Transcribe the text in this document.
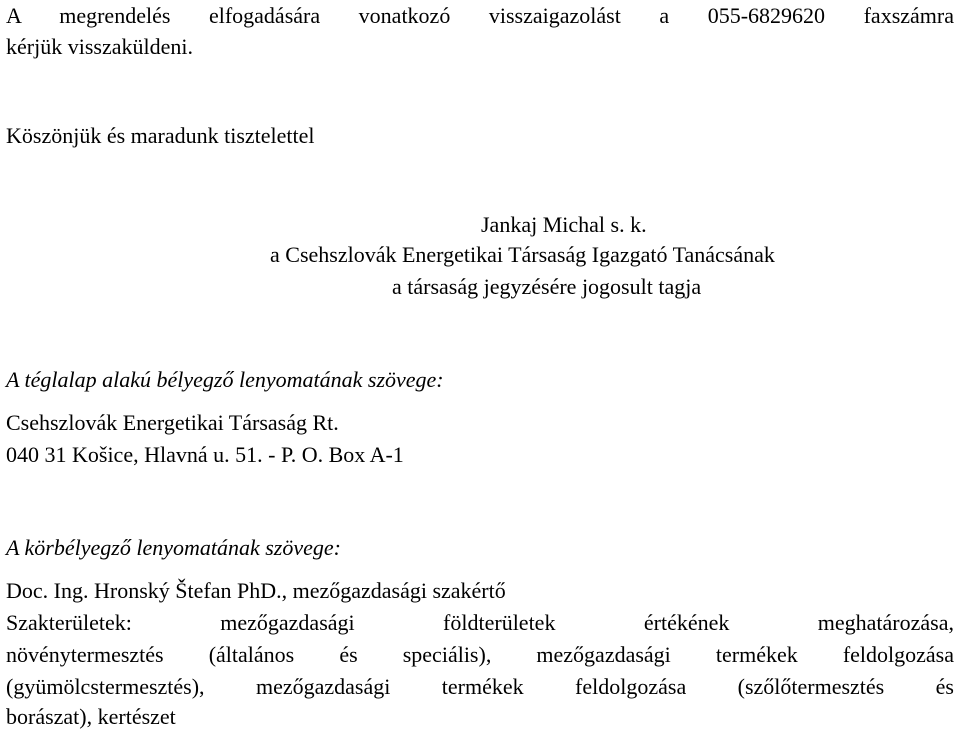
A megrendelés elfogadására vonatkozó visszaigazolást a 055-6829620 faxszámra
kérjük visszaküldeni.
Köszönjük és maradunk tisztelettel
Jankaj Michal s. k.
a Csehszlovák Energetikai Társaság Igazgató Tanácsának
a társaság jegyzésére jogosult tagja
A téglalap alakú bélyegző lenyomatának szövege:
Csehszlovák Energetikai Társaság Rt.
040 31 Košice, Hlavná u. 51. - P. O. Box A-1
A körbélyegző lenyomatának szövege:
Doc. Ing. Hronský Štefan PhD., mezőgazdasági szakértő
Szakterületek: mezőgazdasági földterületek értékének meghatározása,
növénytermesztés (általános és speciális), mezőgazdasági termékek feldolgozása
(gyümölcstermesztés), mezőgazdasági termékek feldolgozása (szőlőtermesztés és
borászat), kertészet
